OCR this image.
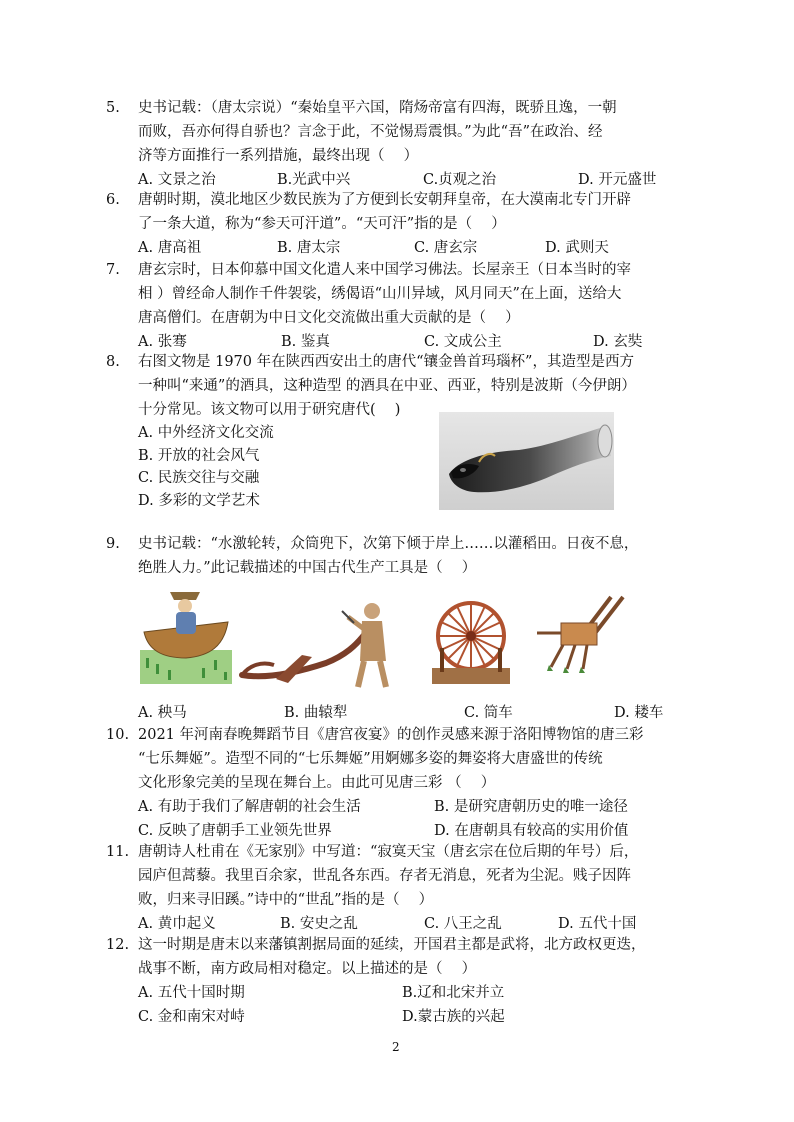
5.	史书记载：（唐太宗说）“秦始皇平六国，隋炀帝富有四海，既骄且逸，一朝
而败，吾亦何得自骄也？言念于此，不觉惕焉震惧。”为此“吾”在政治、经
济等方面推行一系列措施，最终出现（　 ）
A. 文景之治	B.光武中兴	C.贞观之治	D. 开元盛世
6.	唐朝时期，漠北地区少数民族为了方便到长安朝拜皇帝，在大漠南北专门开辟
了一条大道，称为“参天可汗道”。“天可汗”指的是（　 ）
A. 唐高祖	B. 唐太宗	C. 唐玄宗	D. 武则天
7.	唐玄宗时，日本仰慕中国文化遣人来中国学习佛法。长屋亲王（日本当时的宰
相 ）曾经命人制作千件袈裟，绣偈语“山川异域，风月同天”在上面，送给大
唐高僧们。在唐朝为中日文化交流做出重大贡献的是（　 ）
A. 张骞	B. 鉴真	C. 文成公主	D. 玄奘
8.	右图文物是 1970 年在陕西西安出土的唐代“镶金兽首玛瑙杯”，其造型是西方
一种叫“来通”的酒具，这种造型 的酒具在中亚、西亚，特别是波斯（今伊朗）
十分常见。该文物可以用于研究唐代(　 )
A. 中外经济文化交流
B. 开放的社会风气
C. 民族交往与交融
D. 多彩的文学艺术
9.	史书记载：“水激轮转，众筒兜下，次第下倾于岸上……以灌稻田。日夜不息，
绝胜人力。”此记载描述的中国古代生产工具是（　 ）
A. 秧马	B. 曲辕犁	C. 筒车	D. 耧车
10. 2021 年河南春晚舞蹈节目《唐宫夜宴》的创作灵感来源于洛阳博物馆的唐三彩
“七乐舞姬”。造型不同的“七乐舞姬”用婀娜多姿的舞姿将大唐盛世的传统
文化形象完美的呈现在舞台上。由此可见唐三彩 （　 ）
A. 有助于我们了解唐朝的社会生活	B. 是研究唐朝历史的唯一途径
C. 反映了唐朝手工业领先世界	D. 在唐朝具有较高的实用价值
11. 唐朝诗人杜甫在《无家别》中写道：“寂寞天宝（唐玄宗在位后期的年号）后，
园庐但蒿藜。我里百余家，世乱各东西。存者无消息，死者为尘泥。贱子因阵
败，归来寻旧蹊。”诗中的“世乱”指的是（　 ）
A. 黄巾起义	B. 安史之乱	C. 八王之乱	D. 五代十国
12. 这一时期是唐末以来藩镇割据局面的延续，开国君主都是武将，北方政权更迭，
战事不断，南方政局相对稳定。以上描述的是（　 ）
A. 五代十国时期	B.辽和北宋并立
C. 金和南宋对峙	D.蒙古族的兴起
2
